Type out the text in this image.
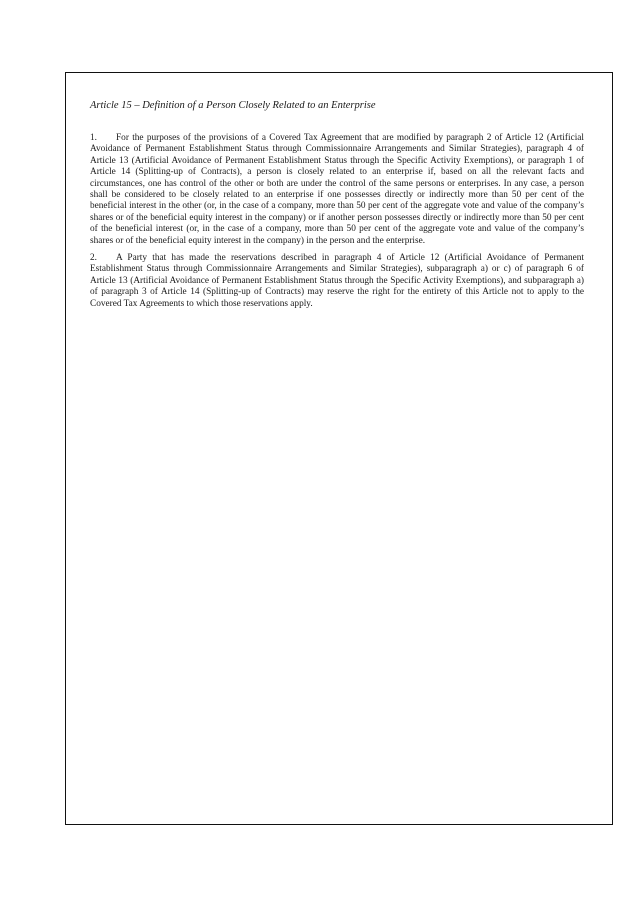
Article 15 – Definition of a Person Closely Related to an Enterprise

1. For the purposes of the provisions of a Covered Tax Agreement that are modified by paragraph 2 of Article 12 (Artificial Avoidance of Permanent Establishment Status through Commissionnaire Arrangements and Similar Strategies), paragraph 4 of Article 13 (Artificial Avoidance of Permanent Establishment Status through the Specific Activity Exemptions), or paragraph 1 of Article 14 (Splitting-up of Contracts), a person is closely related to an enterprise if, based on all the relevant facts and circumstances, one has control of the other or both are under the control of the same persons or enterprises. In any case, a person shall be considered to be closely related to an enterprise if one possesses directly or indirectly more than 50 per cent of the beneficial interest in the other (or, in the case of a company, more than 50 per cent of the aggregate vote and value of the company’s shares or of the beneficial equity interest in the company) or if another person possesses directly or indirectly more than 50 per cent of the beneficial interest (or, in the case of a company, more than 50 per cent of the aggregate vote and value of the company’s shares or of the beneficial equity interest in the company) in the person and the enterprise.

2. A Party that has made the reservations described in paragraph 4 of Article 12 (Artificial Avoidance of Permanent Establishment Status through Commissionnaire Arrangements and Similar Strategies), subparagraph a) or c) of paragraph 6 of Article 13 (Artificial Avoidance of Permanent Establishment Status through the Specific Activity Exemptions), and subparagraph a) of paragraph 3 of Article 14 (Splitting-up of Contracts) may reserve the right for the entirety of this Article not to apply to the Covered Tax Agreements to which those reservations apply.
